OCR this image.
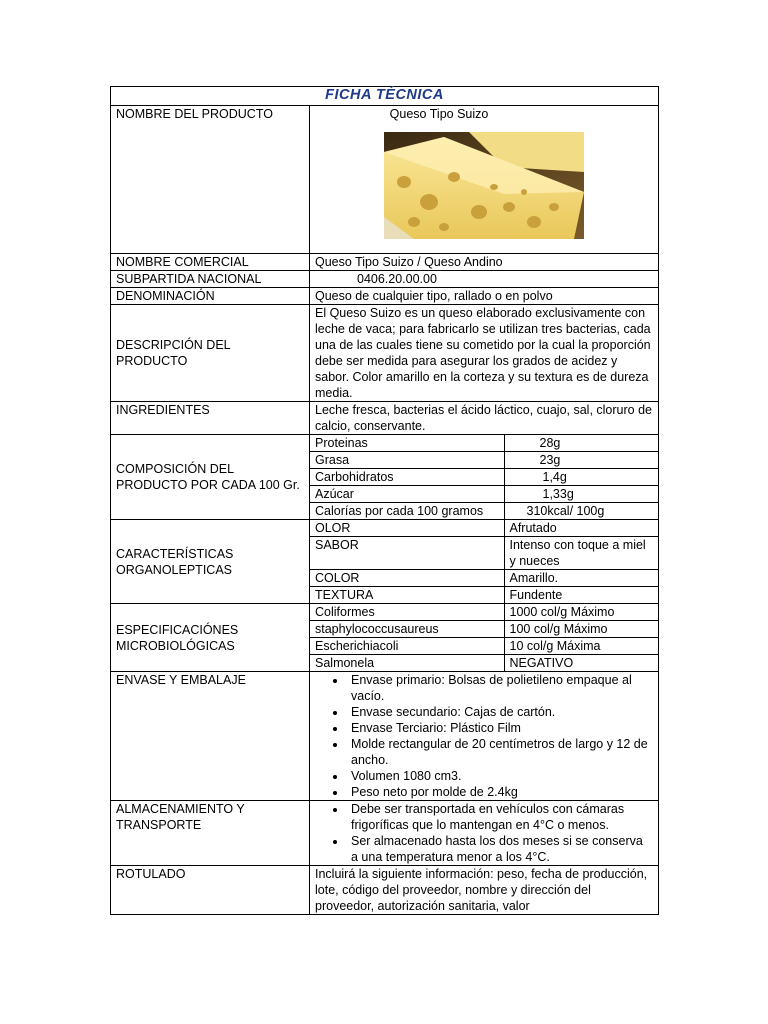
FICHA TÉCNICA
NOMBRE DEL PRODUCTO	Queso Tipo Suizo

NOMBRE COMERCIAL	Queso Tipo Suizo / Queso Andino
SUBPARTIDA NACIONAL	0406.20.00.00
DENOMINACIÓN	Queso de cualquier tipo, rallado o en polvo
DESCRIPCIÓN DEL PRODUCTO	El Queso Suizo es un queso elaborado exclusivamente con leche de vaca; para fabricarlo se utilizan tres bacterias, cada una de las cuales tiene su cometido por la cual la proporción debe ser medida para asegurar los grados de acidez y sabor. Color amarillo en la corteza y su textura es de dureza media.
INGREDIENTES	Leche fresca, bacterias el ácido láctico, cuajo, sal, cloruro de calcio, conservante.
COMPOSICIÓN DEL PRODUCTO POR CADA 100 Gr.	
Proteinas	28g
Grasa	23g
Carbohidratos	1,4g
Azúcar	1,33g
Calorías por cada 100 gramos	310kcal/ 100g

CARACTERÍSTICAS ORGANOLEPTICAS	
OLOR	Afrutado
SABOR	Intenso con toque a miel y nueces
COLOR	Amarillo.
TEXTURA	Fundente

ESPECIFICACIÓNES MICROBIOLÓGICAS	
Coliformes	1000 col/g Máximo
staphylococcusaureus	100 col/g Máximo
Escherichiacoli	10 col/g Máxima
Salmonela	NEGATIVO

ENVASE Y EMBALAJE	
•Envase primario: Bolsas de polietileno empaque al vacío.
• Envase secundario: Cajas de cartón.
• Envase Terciario: Plástico Film
• Molde rectangular de 20 centímetros de largo y 12 de ancho.
• Volumen 1080 cm3.
• Peso neto por molde de 2.4kg

ALMACENAMIENTO Y TRANSPORTE	
• Debe ser transportada en vehículos con cámaras frigoríficas que lo mantengan en 4°C o menos.
• Ser almacenado hasta los dos meses si se conserva a una temperatura menor a los 4°C.

ROTULADO	Incluirá la siguiente información: peso, fecha de producción, lote, código del proveedor, nombre y dirección del proveedor, autorización sanitaria, valor
